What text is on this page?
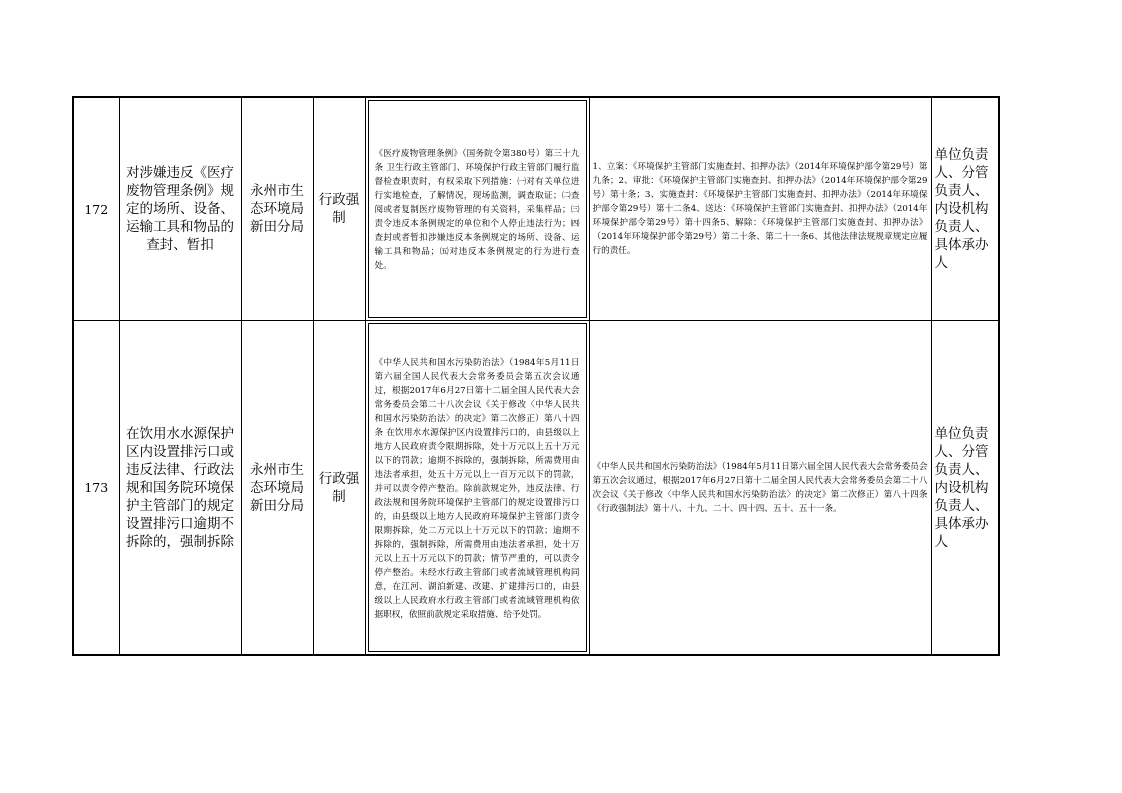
172	对涉嫌违反《医疗废物管理条例》规定的场所、设备、运输工具和物品的查封、暂扣	永州市生态环境局新田分局	行政强制	《医疗废物管理条例》（国务院令第380号）第三十九条 卫生行政主管部门、环境保护行政主管部门履行监督检查职责时，有权采取下列措施：㈠对有关单位进行实地检查，了解情况，现场监测，调查取证；㈡查阅或者复制医疗废物管理的有关资料，采集样品；㈢责令违反本条例规定的单位和个人停止违法行为；㈣查封或者暂扣涉嫌违反本条例规定的场所、设备、运输工具和物品；㈤对违反本条例规定的行为进行查处。	1、立案：《环境保护主管部门实施查封、扣押办法》（2014年环境保护部令第29号）第九条；2、审批：《环境保护主管部门实施查封、扣押办法》（2014年环境保护部令第29号）第十条；3、实施查封：《环境保护主管部门实施查封、扣押办法》（2014年环境保护部令第29号）第十二条4、送达：《环境保护主管部门实施查封、扣押办法》（2014年环境保护部令第29号）第十四条5、解除：《环境保护主管部门实施查封、扣押办法》（2014年环境保护部令第29号）第二十条、第二十一条6、其他法律法规规章规定应履行的责任。	单位负责人、分管负责人、内设机构负责人、具体承办人
173	在饮用水水源保护区内设置排污口或违反法律、行政法规和国务院环境保护主管部门的规定设置排污口逾期不拆除的，强制拆除	永州市生态环境局新田分局	行政强制	《中华人民共和国水污染防治法》（1984年5月11日第六届全国人民代表大会常务委员会第五次会议通过，根据2017年6月27日第十二届全国人民代表大会常务委员会第二十八次会议《关于修改〈中华人民共和国水污染防治法〉的决定》第二次修正）第八十四条 在饮用水水源保护区内设置排污口的，由县级以上地方人民政府责令限期拆除，处十万元以上五十万元以下的罚款；逾期不拆除的，强制拆除，所需费用由违法者承担，处五十万元以上一百万元以下的罚款，并可以责令停产整治。除前款规定外，违反法律、行政法规和国务院环境保护主管部门的规定设置排污口的，由县级以上地方人民政府环境保护主管部门责令限期拆除，处二万元以上十万元以下的罚款；逾期不拆除的，强制拆除，所需费用由违法者承担，处十万元以上五十万元以下的罚款；情节严重的，可以责令停产整治。未经水行政主管部门或者流域管理机构同意，在江河、湖泊新建、改建、扩建排污口的，由县级以上人民政府水行政主管部门或者流域管理机构依据职权，依照前款规定采取措施、给予处罚。	《中华人民共和国水污染防治法》（1984年5月11日第六届全国人民代表大会常务委员会第五次会议通过，根据2017年6月27日第十二届全国人民代表大会常务委员会第二十八次会议《关于修改〈中华人民共和国水污染防治法〉的决定》第二次修正）第八十四条 《行政强制法》第十八、十九、二十、四十四、五十、五十一条。	单位负责人、分管负责人、内设机构负责人、具体承办人
